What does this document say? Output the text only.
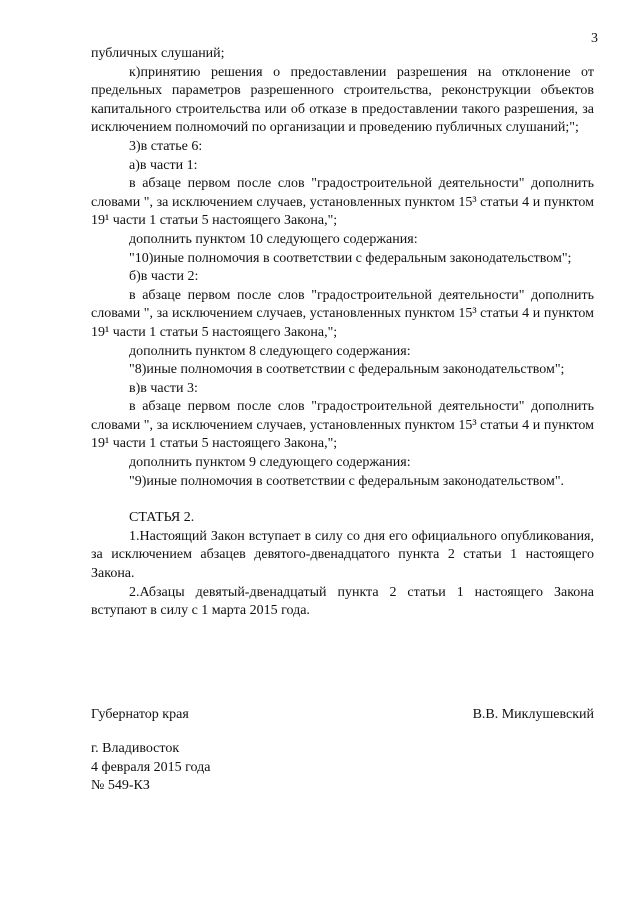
3

публичных слушаний;

к)принятию решения о предоставлении разрешения на отклонение от предельных параметров разрешенного строительства, реконструкции объектов капитального строительства или об отказе в предоставлении такого разрешения, за исключением полномочий по организации и проведению публичных слушаний;";

3)в статье 6:

а)в части 1:

в абзаце первом после слов "градостроительной деятельности" дополнить словами ", за исключением случаев, установленных пунктом 15³ статьи 4 и пунктом 19¹ части 1 статьи 5 настоящего Закона,";

дополнить пунктом 10 следующего содержания:

"10)иные полномочия в соответствии с федеральным законодательством";

б)в части 2:

в абзаце первом после слов "градостроительной деятельности" дополнить словами ", за исключением случаев, установленных пунктом 15³ статьи 4 и пунктом 19¹ части 1 статьи 5 настоящего Закона,";

дополнить пунктом 8 следующего содержания:

"8)иные полномочия в соответствии с федеральным законодательством";

в)в части 3:

в абзаце первом после слов "градостроительной деятельности" дополнить словами ", за исключением случаев, установленных пунктом 15³ статьи 4 и пунктом 19¹ части 1 статьи 5 настоящего Закона,";

дополнить пунктом 9 следующего содержания:

"9)иные полномочия в соответствии с федеральным законодательством".

СТАТЬЯ 2.

1.Настоящий Закон вступает в силу со дня его официального опубликования, за исключением абзацев девятого-двенадцатого пункта 2 статьи 1 настоящего Закона.

2.Абзацы девятый-двенадцатый пункта 2 статьи 1 настоящего Закона вступают в силу с 1 марта 2015 года.

Губернатор края	В.В. Миклушевский

г. Владивосток

4 февраля 2015 года

№ 549-КЗ
